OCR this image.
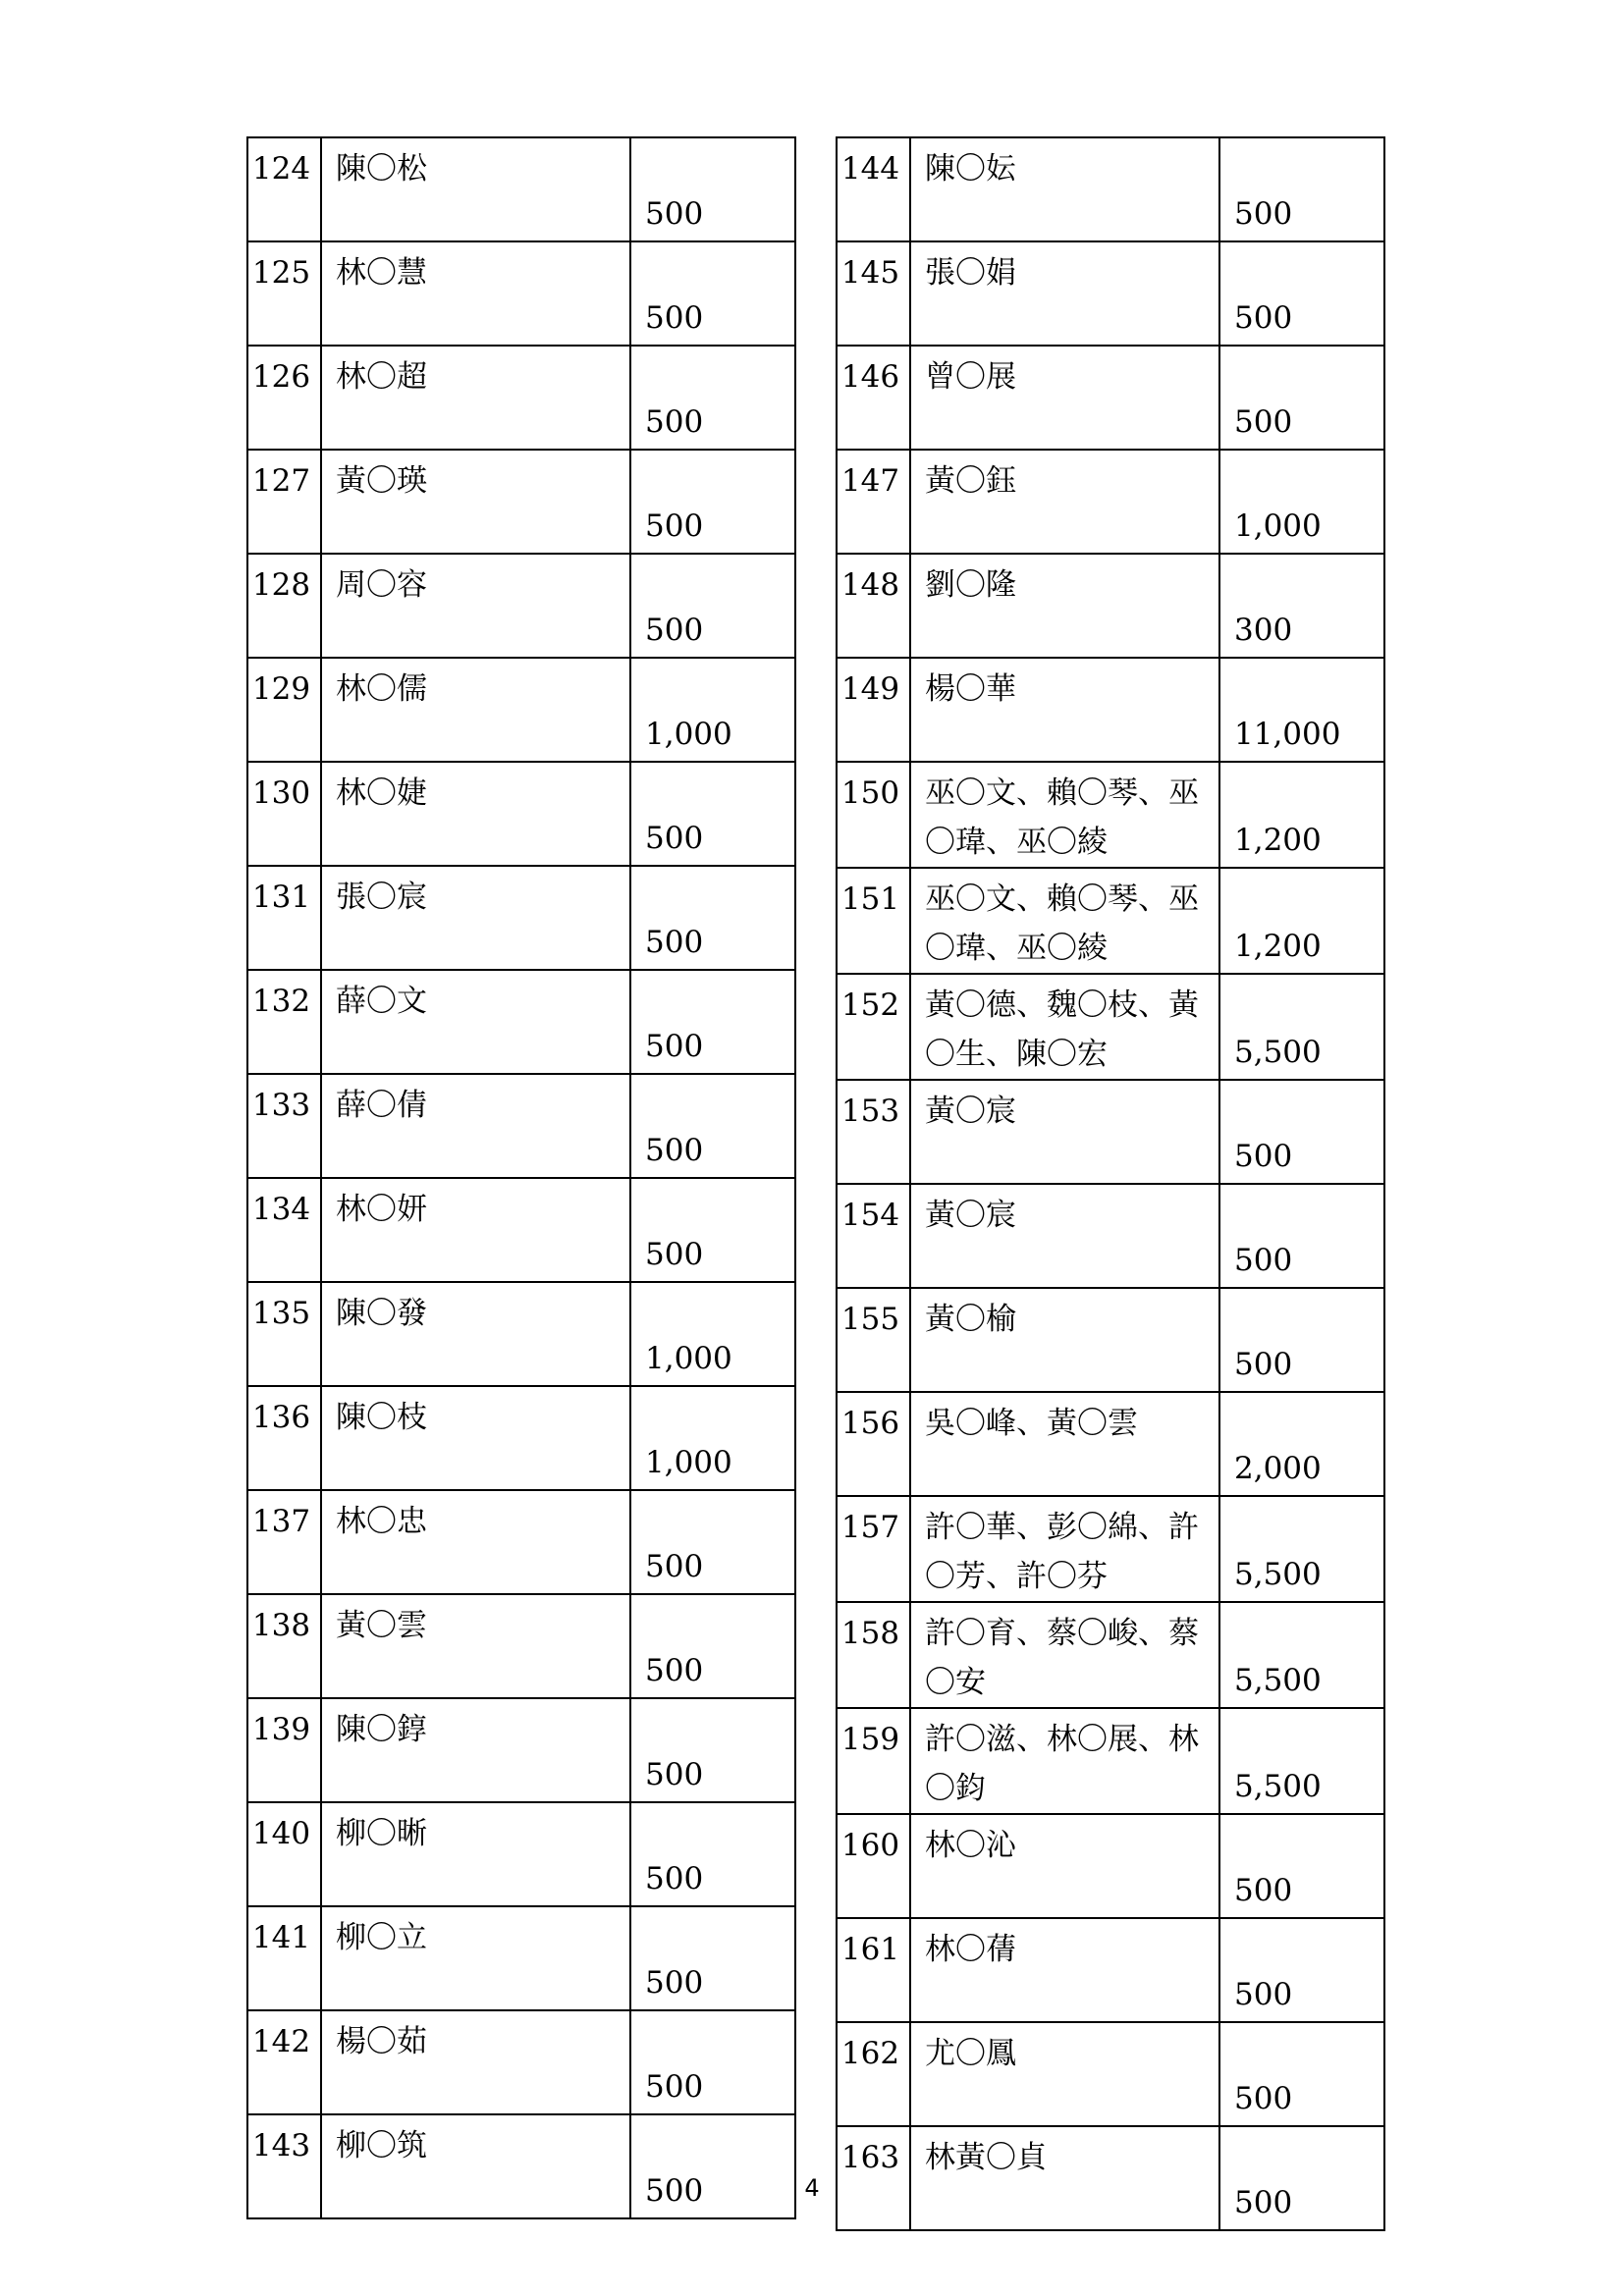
124	陳〇松	500
125	林〇慧	500
126	林〇超	500
127	黃〇瑛	500
128	周〇容	500
129	林〇儒	1,000
130	林〇婕	500
131	張〇宸	500
132	薛〇文	500
133	薛〇倩	500
134	林〇妍	500
135	陳〇發	1,000
136	陳〇枝	1,000
137	林〇忠	500
138	黃〇雲	500
139	陳〇錞	500
140	柳〇晰	500
141	柳〇立	500
142	楊〇茹	500
143	柳〇筑	500
144	陳〇妘	500
145	張〇娟	500
146	曾〇展	500
147	黃〇鈺	1,000
148	劉〇隆	300
149	楊〇華	11,000
150	巫〇文、賴〇琴、巫〇瑋、巫〇綾	1,200
151	巫〇文、賴〇琴、巫〇瑋、巫〇綾	1,200
152	黃〇德、魏〇枝、黃〇生、陳〇宏	5,500
153	黃〇宸	500
154	黃〇宸	500
155	黃〇榆	500
156	吳〇峰、黃〇雲	2,000
157	許〇華、彭〇綿、許〇芳、許〇芬	5,500
158	許〇育、蔡〇峻、蔡〇安	5,500
159	許〇滋、林〇展、林〇鈞	5,500
160	林〇沁	500
161	林〇蒨	500
162	尤〇鳳	500
163	林黃〇貞	500
4
